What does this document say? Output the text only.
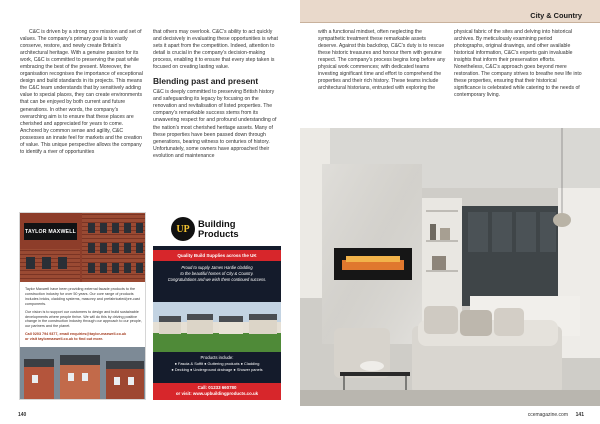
C&C is driven by a strong core mission and set of values. The company’s primary goal is to vastly conserve, restore, and newly create Britain’s architectural heritage. With a genuine passion for its work, C&C is committed to preserving the past while embracing the best of the present. Moreover, the organisation recognises the importance of exceptional design and build standards in its projects. This means the C&C team understands that by sensitively adding value to special places, they can create environments that can be enjoyed by both current and future generations. In other words, the company’s overarching aim is to ensure that these places are cherished and appreciated for years to come. Anchored by common sense and agility, C&C possesses an innate feel for markets and the creation of value. This unique perspective allows the company to identify a river of opportunities

that others may overlook. C&C’s ability to act quickly and decisively in evaluating these opportunities is what sets it apart from the competition. Indeed, attention to detail is crucial in the company’s decision-making process, enabling it to ensure that every step taken is focused on creating lasting value.

Blending past and present

C&C is deeply committed to preserving British history and safeguarding its legacy by focusing on the renovation and revitalisation of listed properties. The company’s remarkable success stems from its unwavering respect for and profound understanding of the nation’s most cherished heritage assets. Many of these properties have been passed down through generations, bearing witness to centuries of history. Unfortunately, some owners have approached their evolution and maintenance

TAYLOR MAXWELL

Taylor Maxwell have been providing external facade products to the construction industry for over 50 years. Our core range of products includes bricks, cladding systems, masonry and prefabricated/pre-cast components.

Our vision is to support our customers to design and build sustainable developments where people thrive. We will do this by driving positive change in the construction industry through our approach to our people, our partners and the planet.

Call 0203 794 9377, email enquiries@taylor-maxwell.co.uk
or visit taylormaxwell.co.uk to find out more.
UP Building
Products
Quality Build Supplies across the UK
Proud to supply James Hardie cladding
to the beautiful homes of City & Country.
Congratulations and we wish them continued success.
Products include:
● Fascia & Soffit ● Guttering products ● Cladding
● Decking ● Underground drainage ● Shower panels
Call: 01233 660780
or visit: www.upbuildingproducts.co.uk
140
City & Country

with a functional mindset, often neglecting the sympathetic treatment these remarkable assets deserve. Against this backdrop, C&C’s duty is to rescue these historic treasures and honour them with genuine respect. The company’s process begins long before any physical work commences; with dedicated teams investing significant time and effort to comprehend the properties and their rich history. These teams include architectural historians, entrusted with exploring the

physical fabric of the sites and delving into historical archives. By meticulously examining period photographs, original drawings, and other available historical information, C&C’s experts gain invaluable insights that inform their preservation efforts. Nonetheless, C&C’s approach goes beyond mere restoration. The company strives to breathe new life into these properties, ensuring that their historical significance is celebrated while catering to the needs of contemporary living.

ccemagazine.com 141
